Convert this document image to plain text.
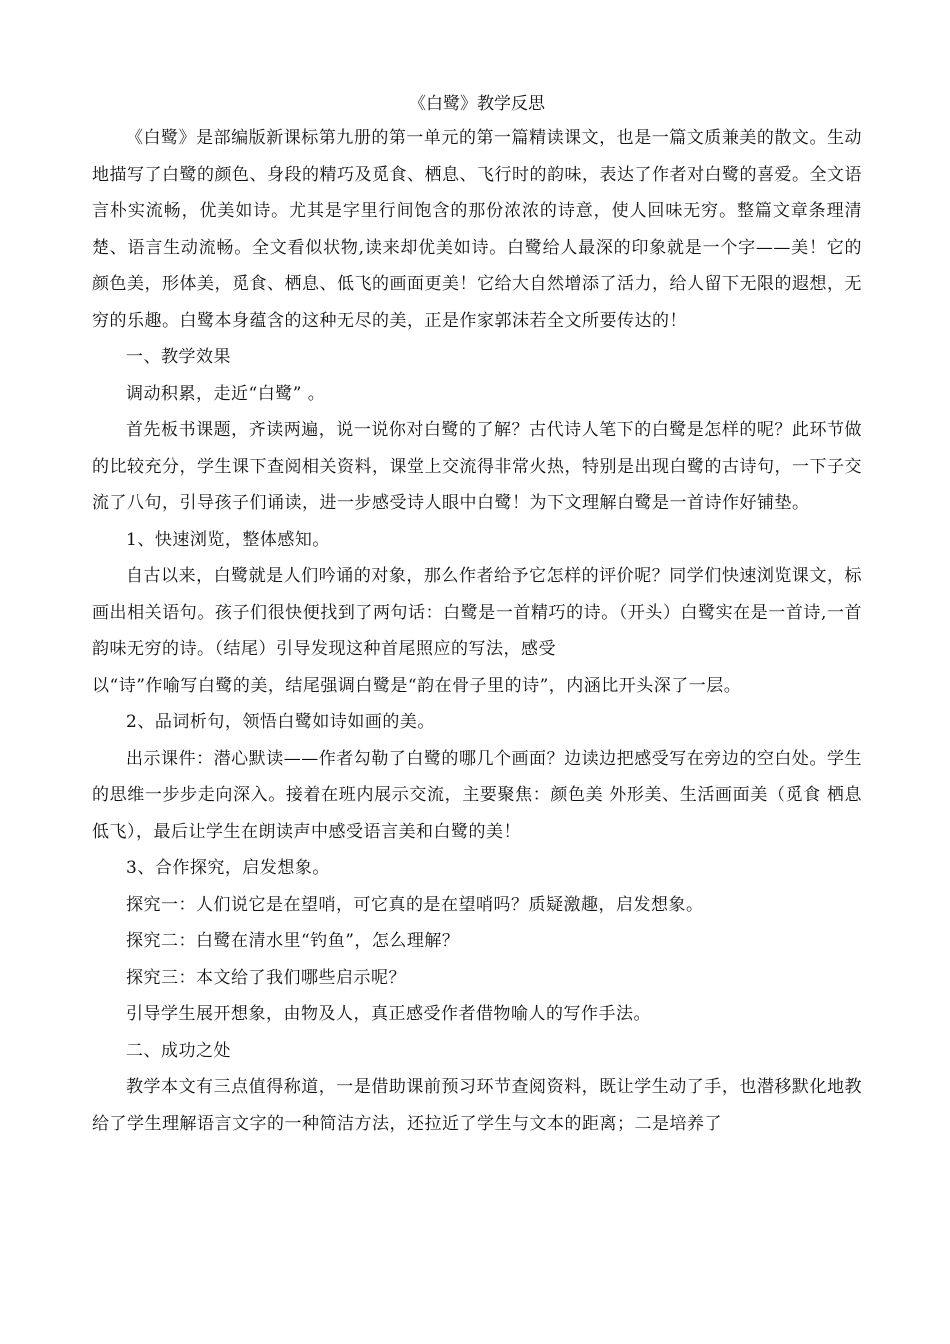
《白鹭》教学反思

《白鹭》是部编版新课标第九册的第一单元的第一篇精读课文，也是一篇文质兼美的散文。生动地描写了白鹭的颜色、身段的精巧及觅食、栖息、飞行时的韵味，表达了作者对白鹭的喜爱。全文语言朴实流畅，优美如诗。尤其是字里行间饱含的那份浓浓的诗意，使人回味无穷。整篇文章条理清楚、语言生动流畅。全文看似状物,读来却优美如诗。白鹭给人最深的印象就是一个字——美！它的颜色美，形体美，觅食、栖息、低飞的画面更美！它给大自然增添了活力，给人留下无限的遐想，无穷的乐趣。白鹭本身蕴含的这种无尽的美，正是作家郭沫若全文所要传达的！

一、教学效果

调动积累，走近“白鹭” 。

首先板书课题，齐读两遍，说一说你对白鹭的了解？古代诗人笔下的白鹭是怎样的呢？此环节做的比较充分，学生课下查阅相关资料，课堂上交流得非常火热，特别是出现白鹭的古诗句，一下子交流了八句，引导孩子们诵读，进一步感受诗人眼中白鹭！为下文理解白鹭是一首诗作好铺垫。

1、快速浏览，整体感知。

自古以来，白鹭就是人们吟诵的对象，那么作者给予它怎样的评价呢？同学们快速浏览课文，标画出相关语句。孩子们很快便找到了两句话：白鹭是一首精巧的诗。（开头）白鹭实在是一首诗,一首韵味无穷的诗。（结尾）引导发现这种首尾照应的写法，感受

以“诗”作喻写白鹭的美，结尾强调白鹭是“韵在骨子里的诗”，内涵比开头深了一层。

2、品词析句，领悟白鹭如诗如画的美。

出示课件：潜心默读——作者勾勒了白鹭的哪几个画面？边读边把感受写在旁边的空白处。学生的思维一步步走向深入。接着在班内展示交流，主要聚焦：颜色美 外形美、生活画面美（觅食 栖息 低飞），最后让学生在朗读声中感受语言美和白鹭的美！

3、合作探究，启发想象。

探究一：人们说它是在望哨，可它真的是在望哨吗？质疑激趣，启发想象。

探究二：白鹭在清水里“钓鱼”，怎么理解？

探究三：本文给了我们哪些启示呢？

引导学生展开想象，由物及人，真正感受作者借物喻人的写作手法。

二、成功之处

教学本文有三点值得称道，一是借助课前预习环节查阅资料，既让学生动了手，也潜移默化地教给了学生理解语言文字的一种简洁方法，还拉近了学生与文本的距离；二是培养了
